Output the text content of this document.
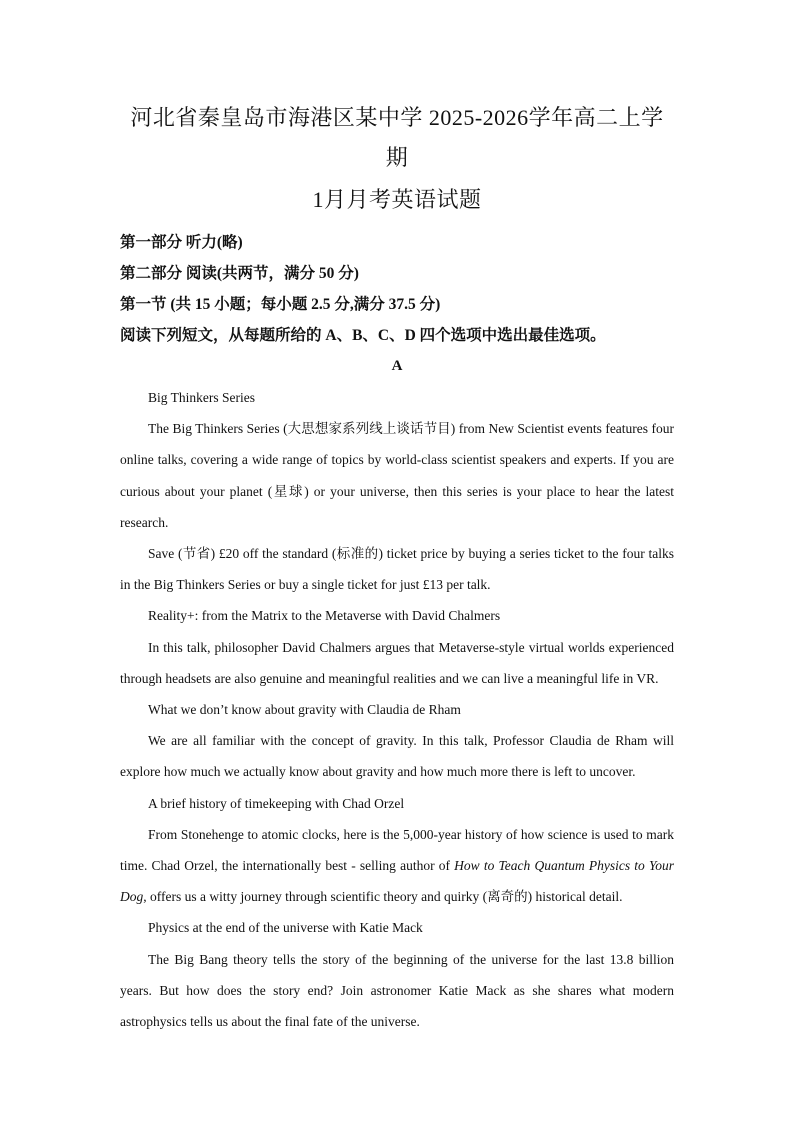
河北省秦皇岛市海港区某中学 2025-2026学年高二上学期
1月月考英语试题

第一部分 听力(略)

第二部分 阅读(共两节，满分 50 分)

第一节 (共 15 小题；每小题 2.5 分,满分 37.5 分)

阅读下列短文，从每题所给的 A、B、C、D 四个选项中选出最佳选项。

A

Big Thinkers Series

The Big Thinkers Series (大思想家系列线上谈话节目) from New Scientist events features four online talks, covering a wide range of topics by world-class scientist speakers and experts. If you are curious about your planet (星球) or your universe, then this series is your place to hear the latest research.

Save (节省) £20 off the standard (标准的) ticket price by buying a series ticket to the four talks in the Big Thinkers Series or buy a single ticket for just £13 per talk.

Reality+: from the Matrix to the Metaverse with David Chalmers

In this talk, philosopher David Chalmers argues that Metaverse-style virtual worlds experienced through headsets are also genuine and meaningful realities and we can live a meaningful life in VR.

What we don’t know about gravity with Claudia de Rham

We are all familiar with the concept of gravity. In this talk, Professor Claudia de Rham will explore how much we actually know about gravity and how much more there is left to uncover.

A brief history of timekeeping with Chad Orzel

From Stonehenge to atomic clocks, here is the 5,000-year history of how science is used to mark time. Chad Orzel, the internationally best - selling author of How to Teach Quantum Physics to Your Dog, offers us a witty journey through scientific theory and quirky (离奇的) historical detail.

Physics at the end of the universe with Katie Mack

The Big Bang theory tells the story of the beginning of the universe for the last 13.8 billion years. But how does the story end? Join astronomer Katie Mack as she shares what modern astrophysics tells us about the final fate of the universe.
